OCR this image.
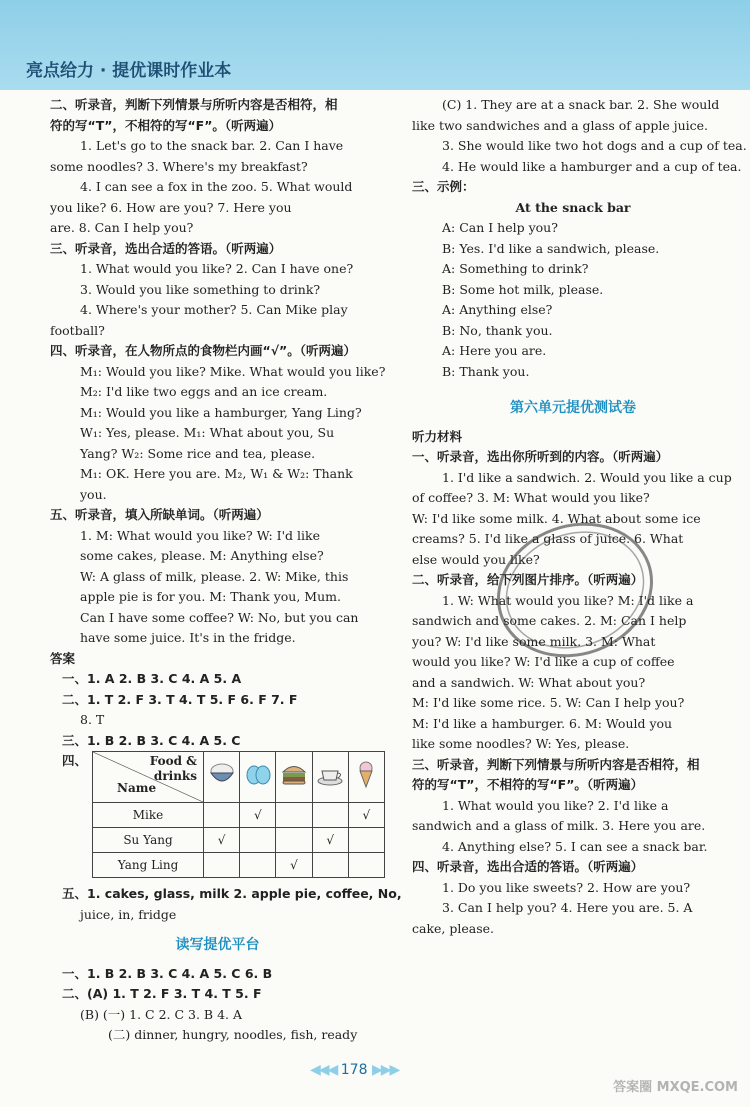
亮点给力 · 提优课时作业本
二、听录音，判断下列情景与所听内容是否相符，相
符的写“T”，不相符的写“F”。（听两遍）
1. Let's go to the snack bar. 2. Can I have
some noodles? 3. Where's my breakfast?
4. I can see a fox in the zoo. 5. What would
you like? 6. How are you? 7. Here you
are. 8. Can I help you?
三、听录音，选出合适的答语。（听两遍）
1. What would you like? 2. Can I have one?
3. Would you like something to drink?
4. Where's your mother? 5. Can Mike play
football?
四、听录音，在人物所点的食物栏内画“√”。（听两遍）
M₁: Would you like? Mike. What would you like?
M₂: I'd like two eggs and an ice cream.
M₁: Would you like a hamburger, Yang Ling?
W₁: Yes, please. M₁: What about you, Su
Yang? W₂: Some rice and tea, please.
M₁: OK. Here you are. M₂, W₁ & W₂: Thank
you.
五、听录音，填入所缺单词。（听两遍）
1. M: What would you like? W: I'd like
some cakes, please. M: Anything else?
W: A glass of milk, please. 2. W: Mike, this
apple pie is for you. M: Thank you, Mum.
Can I have some coffee? W: No, but you can
have some juice. It's in the fridge.
答案
一、1. A 2. B 3. C 4. A 5. A
二、1. T 2. F 3. T 4. T 5. F 6. F 7. F
8. T
三、1. B 2. B 3. C 4. A 5. C
四、	Food &
drinks
Name

Mike		√			√
Su Yang	√			√	
Yang Ling			√		
五、1. cakes, glass, milk 2. apple pie, coffee, No,
juice, in, fridge
读写提优平台
一、1. B 2. B 3. C 4. A 5. C 6. B
二、(A) 1. T 2. F 3. T 4. T 5. F
(B) (一) 1. C 2. C 3. B 4. A
(二) dinner, hungry, noodles, fish, ready
(C) 1. They are at a snack bar. 2. She would
like two sandwiches and a glass of apple juice.
3. She would like two hot dogs and a cup of tea.
4. He would like a hamburger and a cup of tea.
三、示例：
At the snack bar
A: Can I help you?
B: Yes. I'd like a sandwich, please.
A: Something to drink?
B: Some hot milk, please.
A: Anything else?
B: No, thank you.
A: Here you are.
B: Thank you.
第六单元提优测试卷
听力材料
一、听录音，选出你所听到的内容。（听两遍）
1. I'd like a sandwich. 2. Would you like a cup
of coffee? 3. M: What would you like?
W: I'd like some milk. 4. What about some ice
creams? 5. I'd like a glass of juice. 6. What
else would you like?
二、听录音，给下列图片排序。（听两遍）
1. W: What would you like? M: I'd like a
sandwich and some cakes. 2. M: Can I help
you? W: I'd like some milk. 3. M: What
would you like? W: I'd like a cup of coffee
and a sandwich. W: What about you?
M: I'd like some rice. 5. W: Can I help you?
M: I'd like a hamburger. 6. M: Would you
like some noodles? W: Yes, please.
三、听录音，判断下列情景与所听内容是否相符，相
符的写“T”，不相符的写“F”。（听两遍）
1. What would you like? 2. I'd like a
sandwich and a glass of milk. 3. Here you are.
4. Anything else? 5. I can see a snack bar.
四、听录音，选出合适的答语。（听两遍）
1. Do you like sweets? 2. How are you?
3. Can I help you? 4. Here you are. 5. A
cake, please.
◀◀◀ 178 ▶▶▶
答案圈 MXQE.COM
